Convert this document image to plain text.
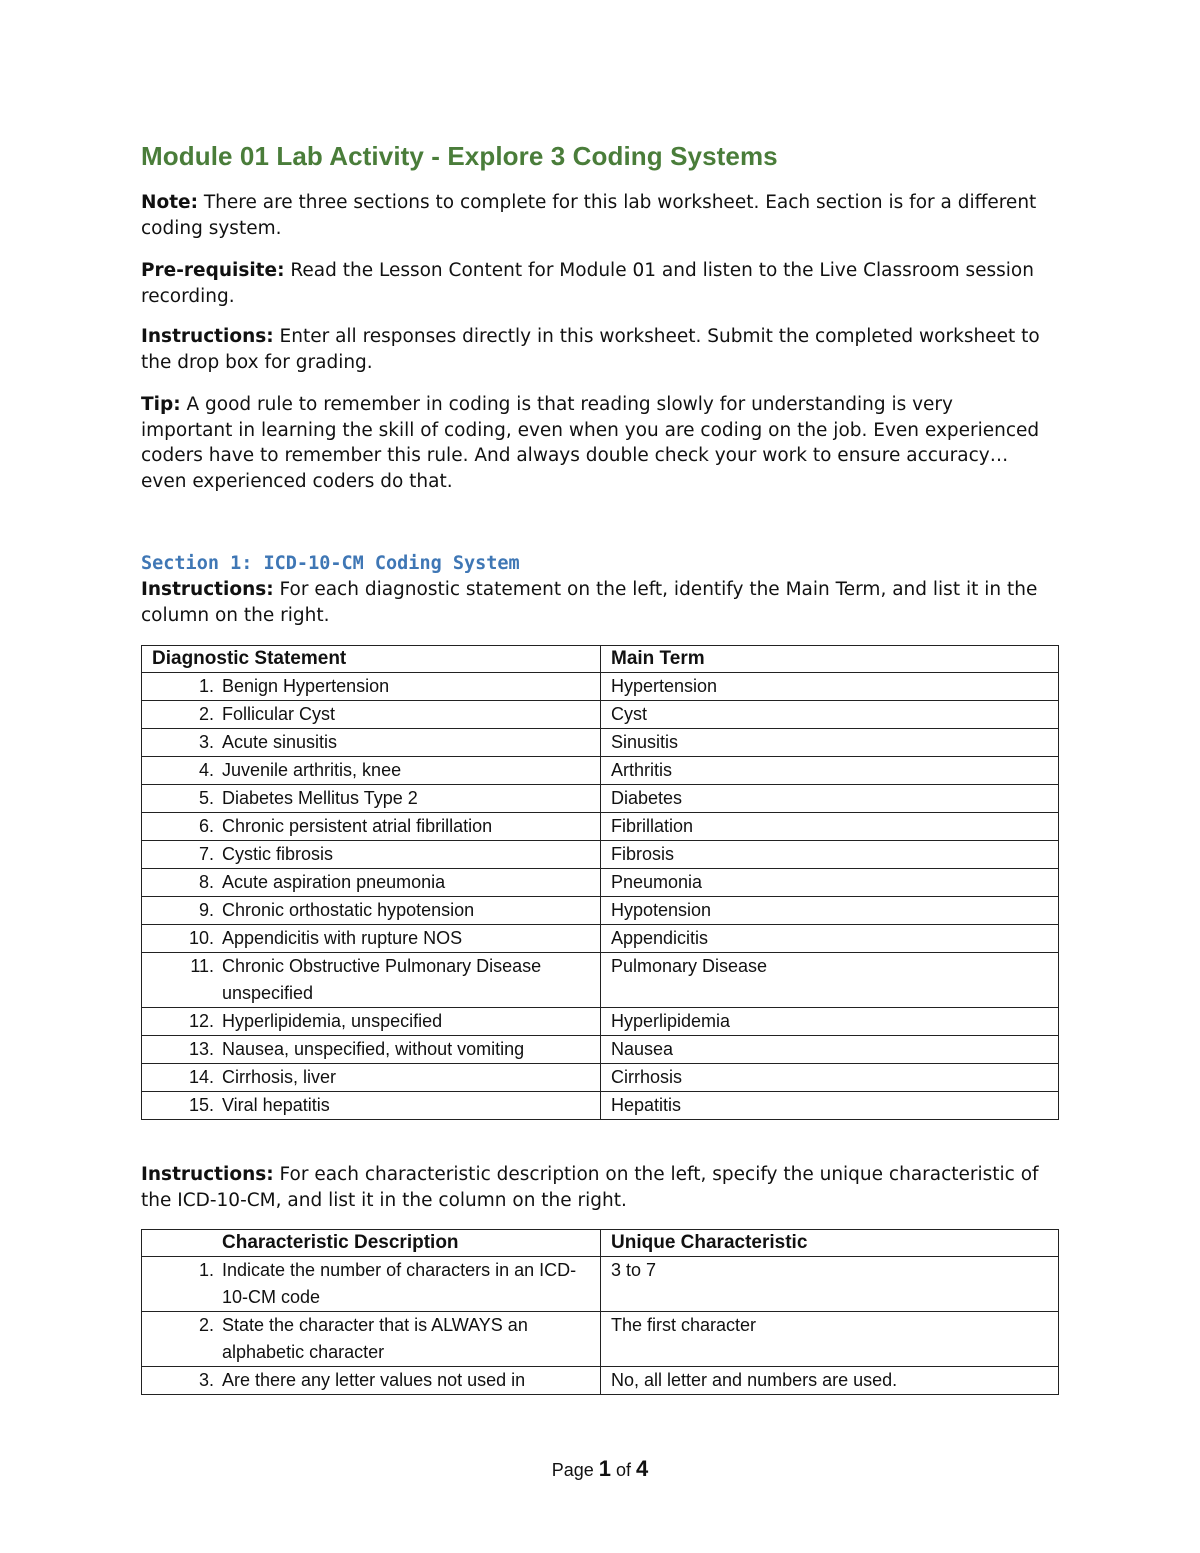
Module 01 Lab Activity - Explore 3 Coding Systems
Note: There are three sections to complete for this lab worksheet. Each section is for a different coding system.
Pre-requisite: Read the Lesson Content for Module 01 and listen to the Live Classroom session recording.
Instructions: Enter all responses directly in this worksheet. Submit the completed worksheet to the drop box for grading.
Tip: A good rule to remember in coding is that reading slowly for understanding is very important in learning the skill of coding, even when you are coding on the job. Even experienced coders have to remember this rule. And always double check your work to ensure accuracy…even experienced coders do that.
Section 1: ICD-10-CM Coding System
Instructions: For each diagnostic statement on the left, identify the Main Term, and list it in the column on the right.
Diagnostic Statement	Main Term
1. Benign Hypertension	Hypertension
2. Follicular Cyst	Cyst
3. Acute sinusitis	Sinusitis
4. Juvenile arthritis, knee	Arthritis
5. Diabetes Mellitus Type 2	Diabetes
6. Chronic persistent atrial fibrillation	Fibrillation
7. Cystic fibrosis	Fibrosis
8. Acute aspiration pneumonia	Pneumonia
9. Chronic orthostatic hypotension	Hypotension
10. Appendicitis with rupture NOS	Appendicitis
11. Chronic Obstructive Pulmonary Disease unspecified	Pulmonary Disease
12. Hyperlipidemia, unspecified	Hyperlipidemia
13. Nausea, unspecified, without vomiting	Nausea
14. Cirrhosis, liver	Cirrhosis
15. Viral hepatitis	Hepatitis
Instructions: For each characteristic description on the left, specify the unique characteristic of the ICD-10-CM, and list it in the column on the right.
Characteristic Description	Unique Characteristic
1. Indicate the number of characters in an ICD-10-CM code	3 to 7
2. State the character that is ALWAYS an alphabetic character	The first character
3. Are there any letter values not used in	No, all letter and numbers are used.
Page 1 of 4
